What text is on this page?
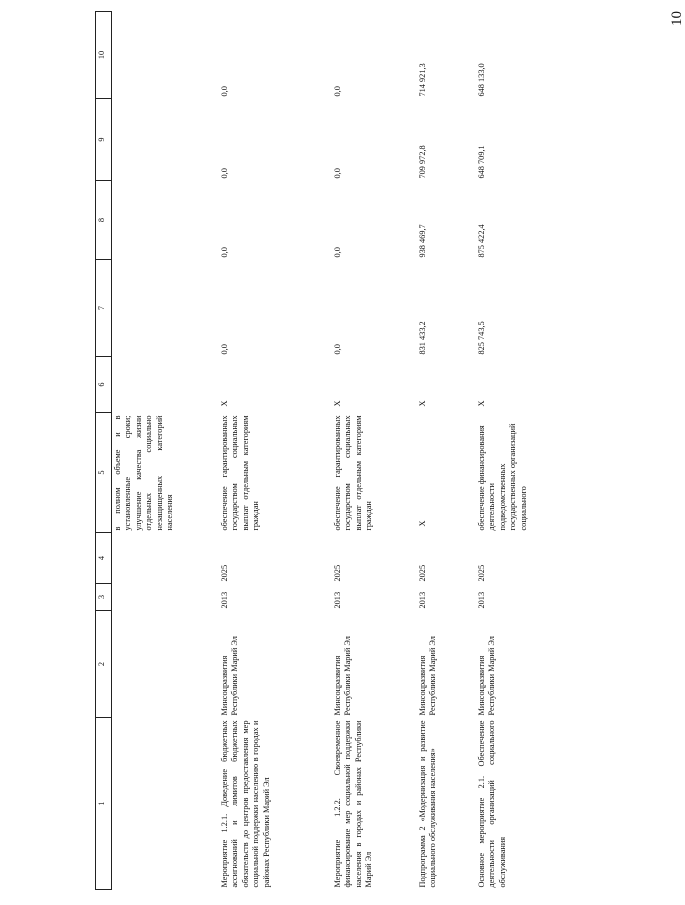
10
1	2	3	4	5	6	7	8	9	10
				в полном объеме и в установленные сроки; улучшение качества жизни отдельных социально незащищенных категорий населения					
Мероприятие 1.2.1. Доведение бюджетных ассигнований и лимитов бюджетных обязательств до центров предоставления мер социальной поддержки населению в городах и районах Республики Марий Эл	Минсоцразвития Республики Марий Эл	2013	2025	обеспечение гарантированных государством социальных выплат отдельным категориям граждан	X	0,0	0,0	0,0	0,0
Мероприятие 1.2.2. Своевременное финансирование мер социальной поддержки населения в городах и районах Республики Марий Эл	Минсоцразвития Республики Марий Эл	2013	2025	обеспечение гарантированных государством социальных выплат отдельным категориям граждан	X	0,0	0,0	0,0	0,0
Подпрограмма 2 «Модернизация и развитие социального обслуживания населения»	Минсоцразвития Республики Марий Эл	2013	2025	X	X	831 433,2	938 469,7	709 972,8	714 921,3
Основное мероприятие 2.1. Обеспечение деятельности организаций социального обслуживания	Минсоцразвития Республики Марий Эл	2013	2025	обеспечение финансирования деятельности подведомственных государственных организаций социального	X	825 743,5	875 422,4	648 709,1	648 133,0
